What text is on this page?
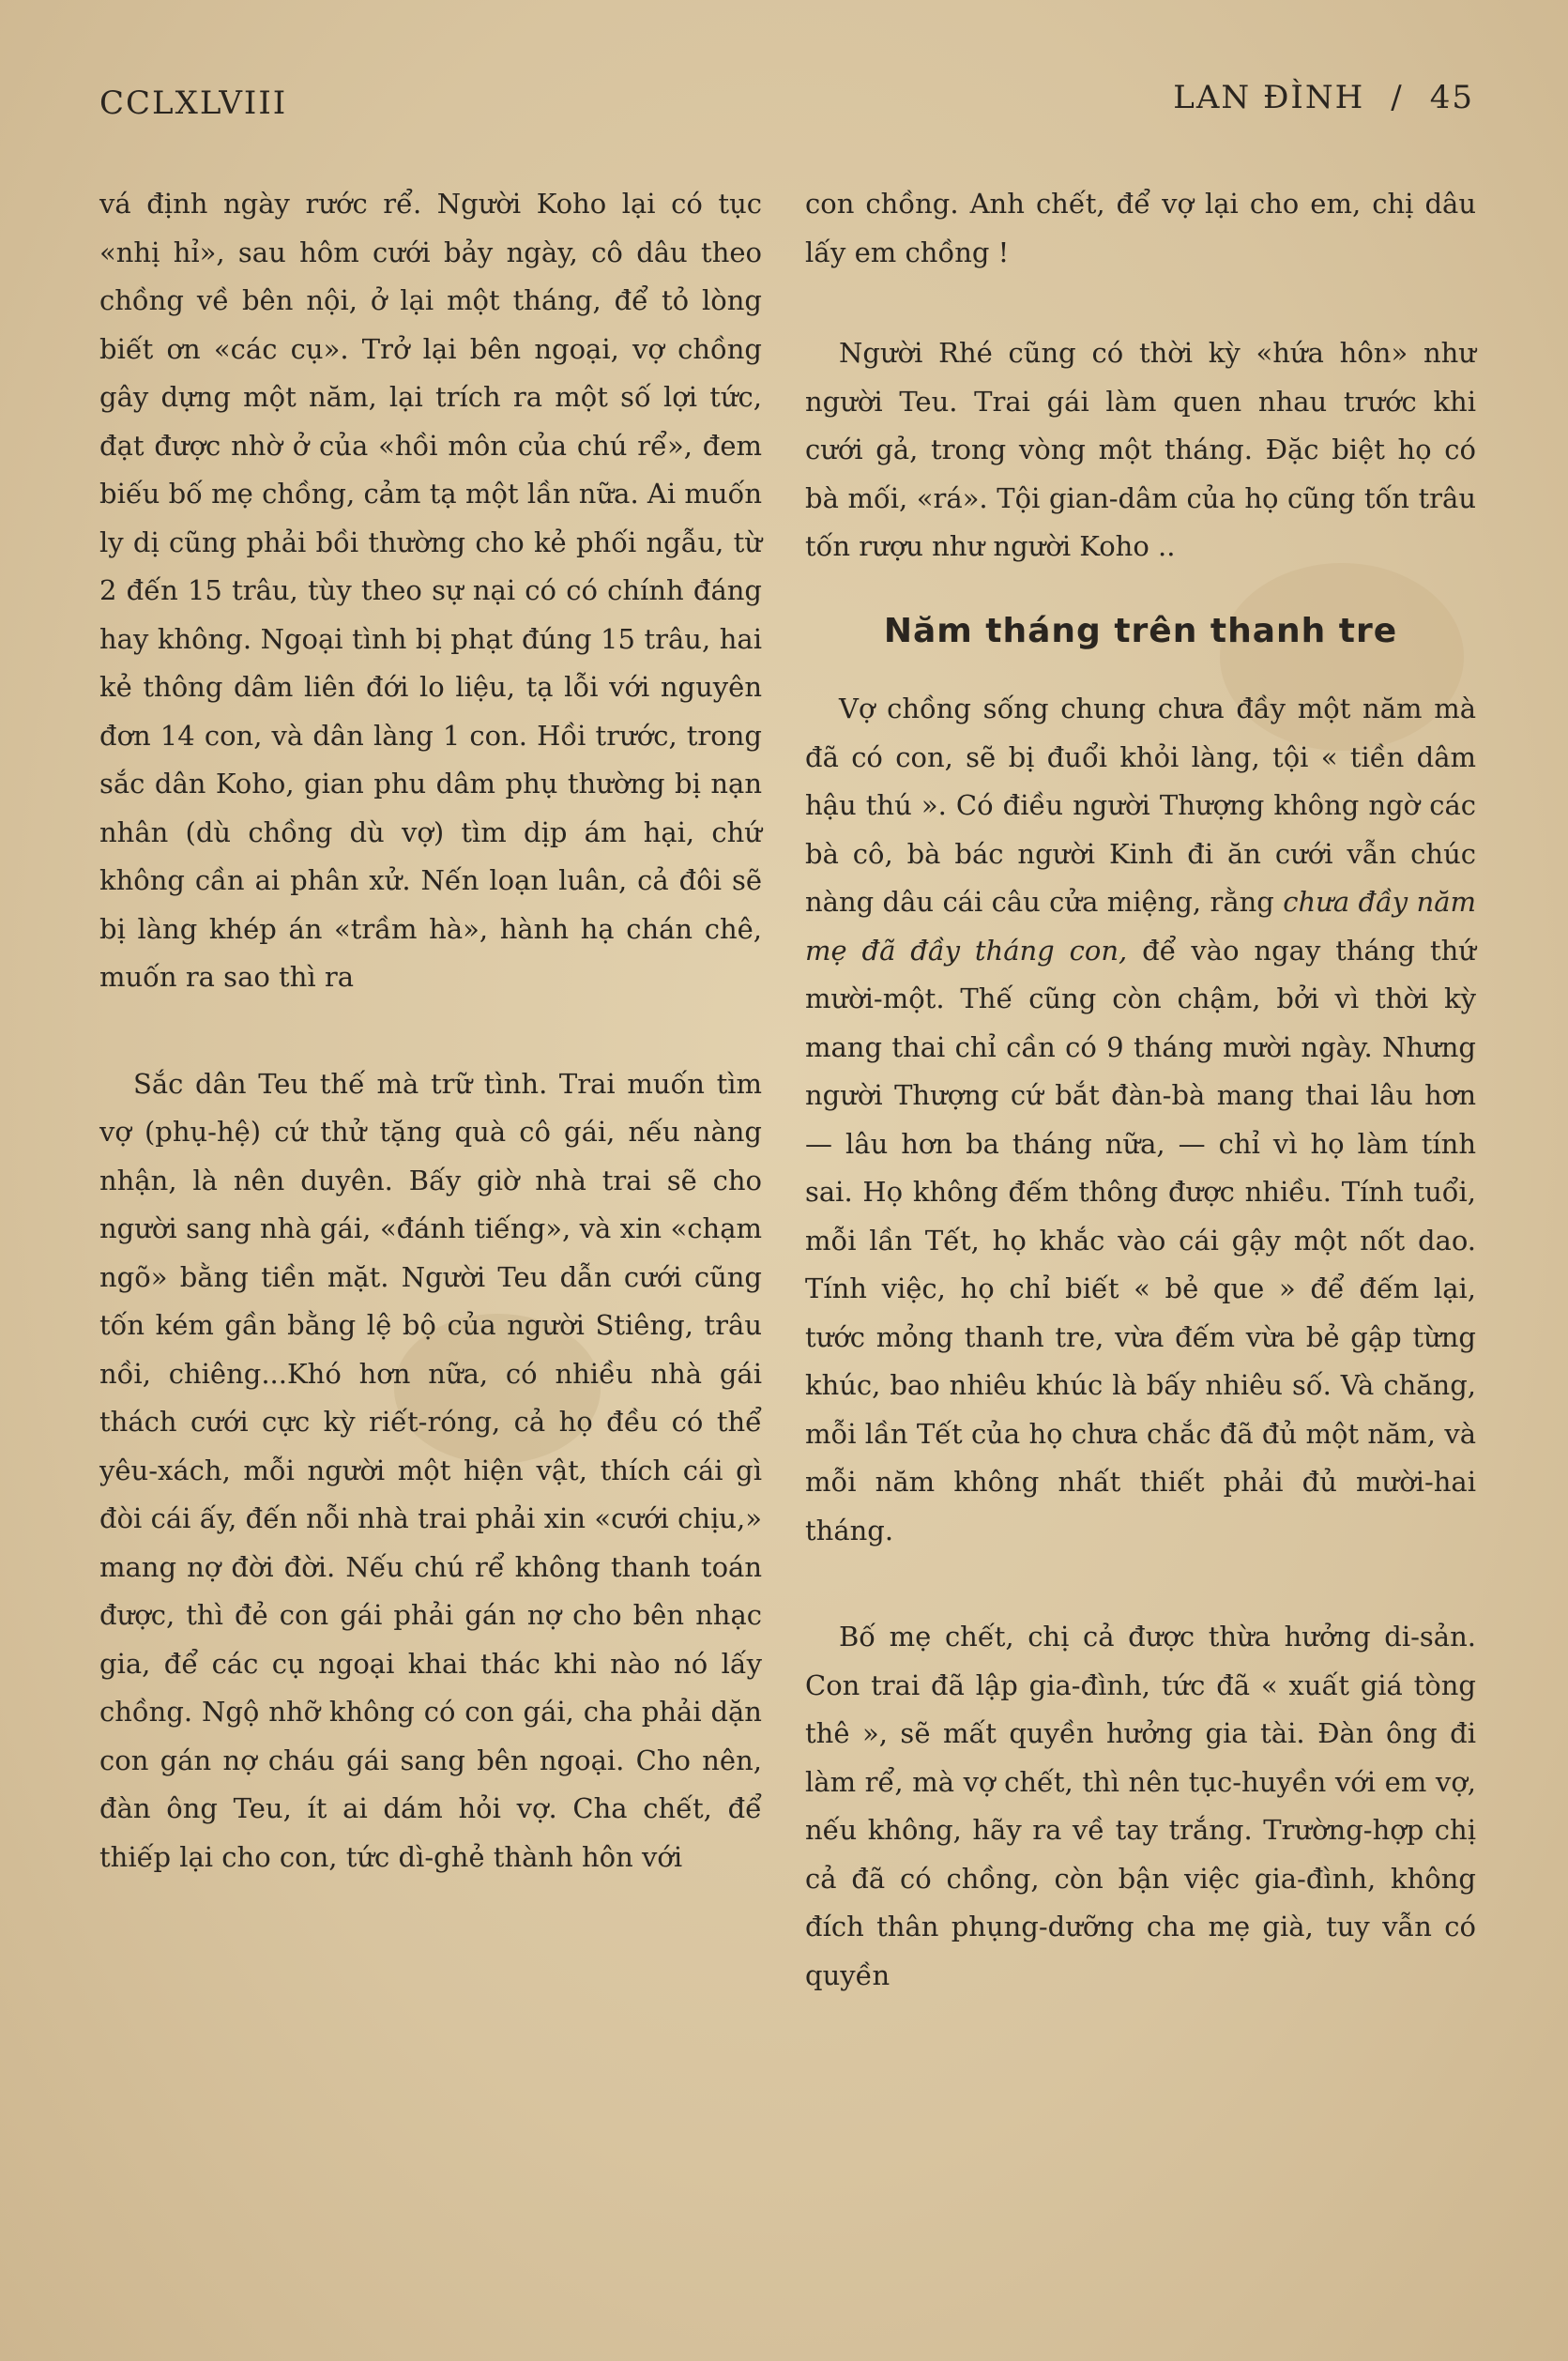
CCLXLVIII	LAN ĐÌNH / 45

vá định ngày rước rể. Người Koho lại có tục «nhị hỉ», sau hôm cưới bảy ngày, cô dâu theo chồng về bên nội, ở lại một tháng, để tỏ lòng biết ơn «các cụ». Trở lại bên ngoại, vợ chồng gây dựng một năm, lại trích ra một số lợi tức, đạt được nhờ ở của «hồi môn của chú rể», đem biếu bố mẹ chồng, cảm tạ một lần nữa. Ai muốn ly dị cũng phải bồi thường cho kẻ phối ngẫu, từ 2 đến 15 trâu, tùy theo sự nại có có chính đáng hay không. Ngoại tình bị phạt đúng 15 trâu, hai kẻ thông dâm liên đới lo liệu, tạ lỗi với nguyên đơn 14 con, và dân làng 1 con. Hồi trước, trong sắc dân Koho, gian phu dâm phụ thường bị nạn nhân (dù chồng dù vợ) tìm dịp ám hại, chứ không cần ai phân xử. Nến loạn luân, cả đôi sẽ bị làng khép án «trầm hà», hành hạ chán chê, muốn ra sao thì ra

Sắc dân Teu thế mà trữ tình. Trai muốn tìm vợ (phụ-hệ) cứ thử tặng quà cô gái, nếu nàng nhận, là nên duyên. Bấy giờ nhà trai sẽ cho người sang nhà gái, «đánh tiếng», và xin «chạm ngõ» bằng tiền mặt. Người Teu dẫn cưới cũng tốn kém gần bằng lệ bộ của người Stiêng, trâu nồi, chiêng...Khó hơn nữa, có nhiều nhà gái thách cưới cực kỳ riết-róng, cả họ đều có thể yêu-xách, mỗi người một hiện vật, thích cái gì đòi cái ấy, đến nỗi nhà trai phải xin «cưới chịu,» mang nợ đời đời. Nếu chú rể không thanh toán được, thì đẻ con gái phải gán nợ cho bên nhạc gia, để các cụ ngoại khai thác khi nào nó lấy chồng. Ngộ nhỡ không có con gái, cha phải dặn con gán nợ cháu gái sang bên ngoại. Cho nên, đàn ông Teu, ít ai dám hỏi vợ. Cha chết, để thiếp lại cho con, tức dì-ghẻ thành hôn với

con chồng. Anh chết, để vợ lại cho em, chị dâu lấy em chồng !

Người Rhé cũng có thời kỳ «hứa hôn» như người Teu. Trai gái làm quen nhau trước khi cưới gả, trong vòng một tháng. Đặc biệt họ có bà mối, «rá». Tội gian-dâm của họ cũng tốn trâu tốn rượu như người Koho ..

Năm tháng trên thanh tre

Vợ chồng sống chung chưa đầy một năm mà đã có con, sẽ bị đuổi khỏi làng, tội « tiền dâm hậu thú ». Có điều người Thượng không ngờ các bà cô, bà bác người Kinh đi ăn cưới vẫn chúc nàng dâu cái câu cửa miệng, rằng chưa đầy năm mẹ đã đầy tháng con, để vào ngay tháng thứ mười-một. Thế cũng còn chậm, bởi vì thời kỳ mang thai chỉ cần có 9 tháng mười ngày. Nhưng người Thượng cứ bắt đàn-bà mang thai lâu hơn — lâu hơn ba tháng nữa, — chỉ vì họ làm tính sai. Họ không đếm thông được nhiều. Tính tuổi, mỗi lần Tết, họ khắc vào cái gậy một nốt dao. Tính việc, họ chỉ biết « bẻ que » để đếm lại, tước mỏng thanh tre, vừa đếm vừa bẻ gập từng khúc, bao nhiêu khúc là bấy nhiêu số. Và chăng, mỗi lần Tết của họ chưa chắc đã đủ một năm, và mỗi năm không nhất thiết phải đủ mười-hai tháng.

Bố mẹ chết, chị cả được thừa hưởng di-sản. Con trai đã lập gia-đình, tức đã « xuất giá tòng thê », sẽ mất quyền hưởng gia tài. Đàn ông đi làm rể, mà vợ chết, thì nên tục-huyền với em vợ, nếu không, hãy ra về tay trắng. Trường-hợp chị cả đã có chồng, còn bận việc gia-đình, không đích thân phụng-dưỡng cha mẹ già, tuy vẫn có quyền
